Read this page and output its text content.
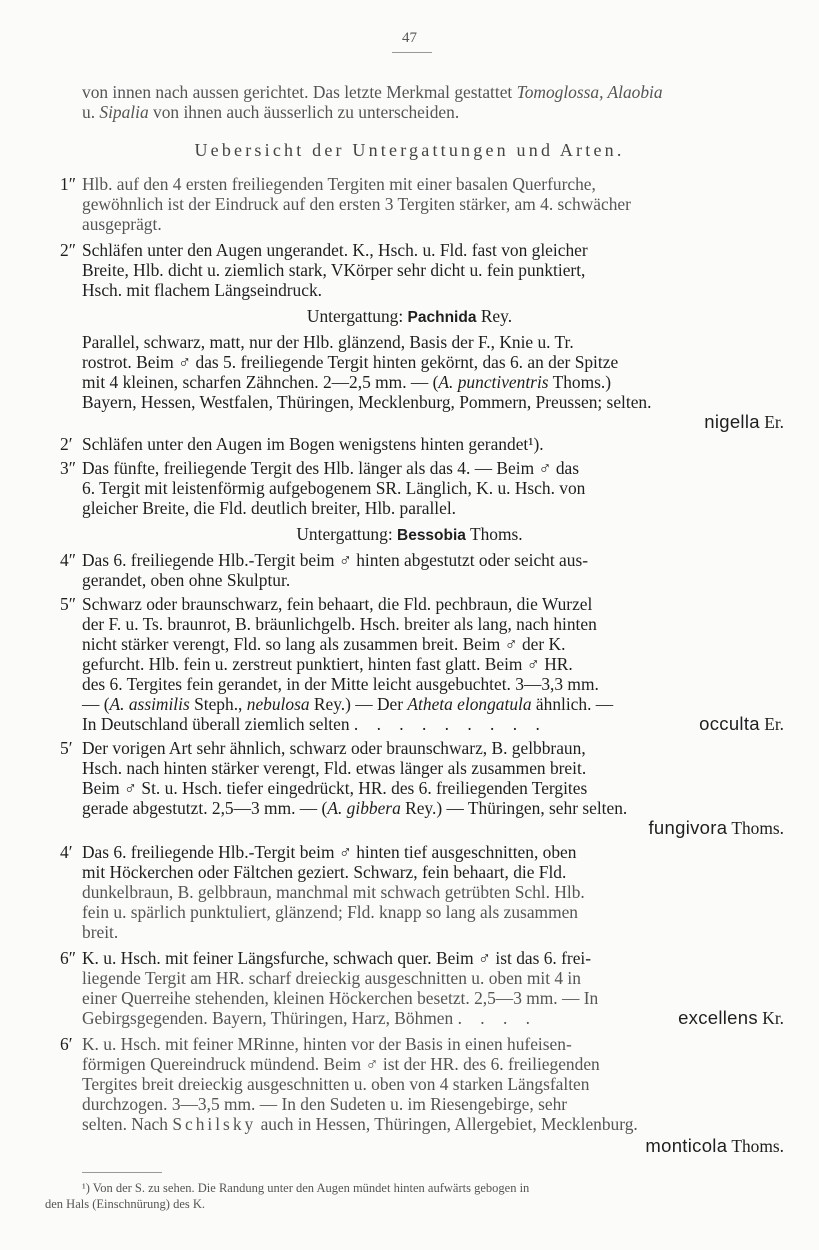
47
von innen nach aussen gerichtet. Das letzte Merkmal gestattet Tomoglossa, Alaobia
u. Sipalia von ihnen auch äusserlich zu unterscheiden.
Uebersicht der Untergattungen und Arten.
1″ Hlb. auf den 4 ersten freiliegenden Tergiten mit einer basalen Querfurche,
gewöhnlich ist der Eindruck auf den ersten 3 Tergiten stärker, am 4. schwächer
ausgeprägt.
2″ Schläfen unter den Augen ungerandet. K., Hsch. u. Fld. fast von gleicher
Breite, Hlb. dicht u. ziemlich stark, VKörper sehr dicht u. fein punktiert,
Hsch. mit flachem Längseindruck.
Untergattung: Pachnida Rey.
Parallel, schwarz, matt, nur der Hlb. glänzend, Basis der F., Knie u. Tr.
rostrot. Beim ♂ das 5. freiliegende Tergit hinten gekörnt, das 6. an der Spitze
mit 4 kleinen, scharfen Zähnchen. 2—2,5 mm. — (A. punctiventris Thoms.)
Bayern, Hessen, Westfalen, Thüringen, Mecklenburg, Pommern, Preussen; selten.
nigella Er.
2′ Schläfen unter den Augen im Bogen wenigstens hinten gerandet¹).
3″ Das fünfte, freiliegende Tergit des Hlb. länger als das 4. — Beim ♂ das
6. Tergit mit leistenförmig aufgebogenem SR. Länglich, K. u. Hsch. von
gleicher Breite, die Fld. deutlich breiter, Hlb. parallel.
Untergattung: Bessobia Thoms.
4″ Das 6. freiliegende Hlb.-Tergit beim ♂ hinten abgestutzt oder seicht aus-
gerandet, oben ohne Skulptur.
5″ Schwarz oder braunschwarz, fein behaart, die Fld. pechbraun, die Wurzel
der F. u. Ts. braunrot, B. bräunlichgelb. Hsch. breiter als lang, nach hinten
nicht stärker verengt, Fld. so lang als zusammen breit. Beim ♂ der K.
gefurcht. Hlb. fein u. zerstreut punktiert, hinten fast glatt. Beim ♂ HR.
des 6. Tergites fein gerandet, in der Mitte leicht ausgebuchtet. 3—3,3 mm.
— (A. assimilis Steph., nebulosa Rey.) — Der Atheta elongatula ähnlich. —
In Deutschland überall ziemlich selten . . . . . . . . .	occulta Er.
5′ Der vorigen Art sehr ähnlich, schwarz oder braunschwarz, B. gelbbraun,
Hsch. nach hinten stärker verengt, Fld. etwas länger als zusammen breit.
Beim ♂ St. u. Hsch. tiefer eingedrückt, HR. des 6. freiliegenden Tergites
gerade abgestutzt. 2,5—3 mm. — (A. gibbera Rey.) — Thüringen, sehr selten.
fungivora Thoms.
4′ Das 6. freiliegende Hlb.-Tergit beim ♂ hinten tief ausgeschnitten, oben
mit Höckerchen oder Fältchen geziert. Schwarz, fein behaart, die Fld.
dunkelbraun, B. gelbbraun, manchmal mit schwach getrübten Schl. Hlb.
fein u. spärlich punktuliert, glänzend; Fld. knapp so lang als zusammen
breit.
6″ K. u. Hsch. mit feiner Längsfurche, schwach quer. Beim ♂ ist das 6. frei-
liegende Tergit am HR. scharf dreieckig ausgeschnitten u. oben mit 4 in
einer Querreihe stehenden, kleinen Höckerchen besetzt. 2,5—3 mm. — In
Gebirgsgegenden. Bayern, Thüringen, Harz, Böhmen . . . .	excellens Kr.
6′ K. u. Hsch. mit feiner MRinne, hinten vor der Basis in einen hufeisen-
förmigen Quereindruck mündend. Beim ♂ ist der HR. des 6. freiliegenden
Tergites breit dreieckig ausgeschnitten u. oben von 4 starken Längsfalten
durchzogen. 3—3,5 mm. — In den Sudeten u. im Riesengebirge, sehr
selten. Nach Schilsky auch in Hessen, Thüringen, Allergebiet, Mecklenburg.
monticola Thoms.
¹) Von der S. zu sehen. Die Randung unter den Augen mündet hinten aufwärts gebogen in
den Hals (Einschnürung) des K.
